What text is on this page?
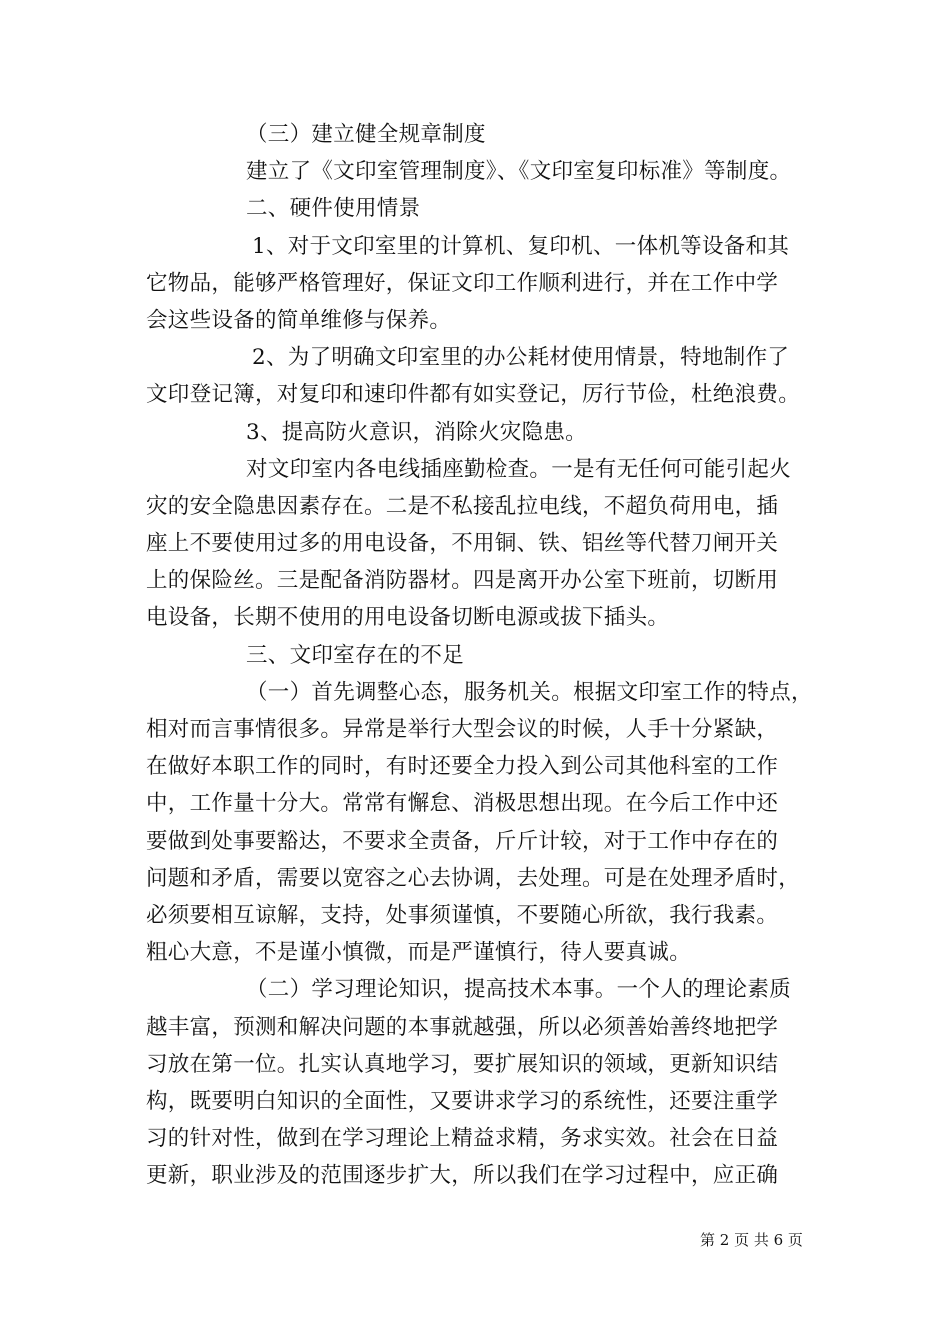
（三）建立健全规章制度
建立了《文印室管理制度》、《文印室复印标准》等制度。
二、硬件使用情景
1、对于文印室里的计算机、复印机、一体机等设备和其
它物品，能够严格管理好，保证文印工作顺利进行，并在工作中学
会这些设备的简单维修与保养。
2、为了明确文印室里的办公耗材使用情景，特地制作了
文印登记簿，对复印和速印件都有如实登记，厉行节俭，杜绝浪费。
3、提高防火意识，消除火灾隐患。
对文印室内各电线插座勤检查。一是有无任何可能引起火
灾的安全隐患因素存在。二是不私接乱拉电线，不超负荷用电，插
座上不要使用过多的用电设备，不用铜、铁、铝丝等代替刀闸开关
上的保险丝。三是配备消防器材。四是离开办公室下班前，切断用
电设备，长期不使用的用电设备切断电源或拔下插头。
三、文印室存在的不足
（一）首先调整心态，服务机关。根据文印室工作的特点，
相对而言事情很多。异常是举行大型会议的时候，人手十分紧缺，
在做好本职工作的同时，有时还要全力投入到公司其他科室的工作
中，工作量十分大。常常有懈怠、消极思想出现。在今后工作中还
要做到处事要豁达，不要求全责备，斤斤计较，对于工作中存在的
问题和矛盾，需要以宽容之心去协调，去处理。可是在处理矛盾时，
必须要相互谅解，支持，处事须谨慎，不要随心所欲，我行我素。
粗心大意，不是谨小慎微，而是严谨慎行，待人要真诚。
（二）学习理论知识，提高技术本事。一个人的理论素质
越丰富，预测和解决问题的本事就越强，所以必须善始善终地把学
习放在第一位。扎实认真地学习，要扩展知识的领域，更新知识结
构，既要明白知识的全面性，又要讲求学习的系统性，还要注重学
习的针对性，做到在学习理论上精益求精，务求实效。社会在日益
更新，职业涉及的范围逐步扩大，所以我们在学习过程中，应正确
第 2 页 共 6 页
